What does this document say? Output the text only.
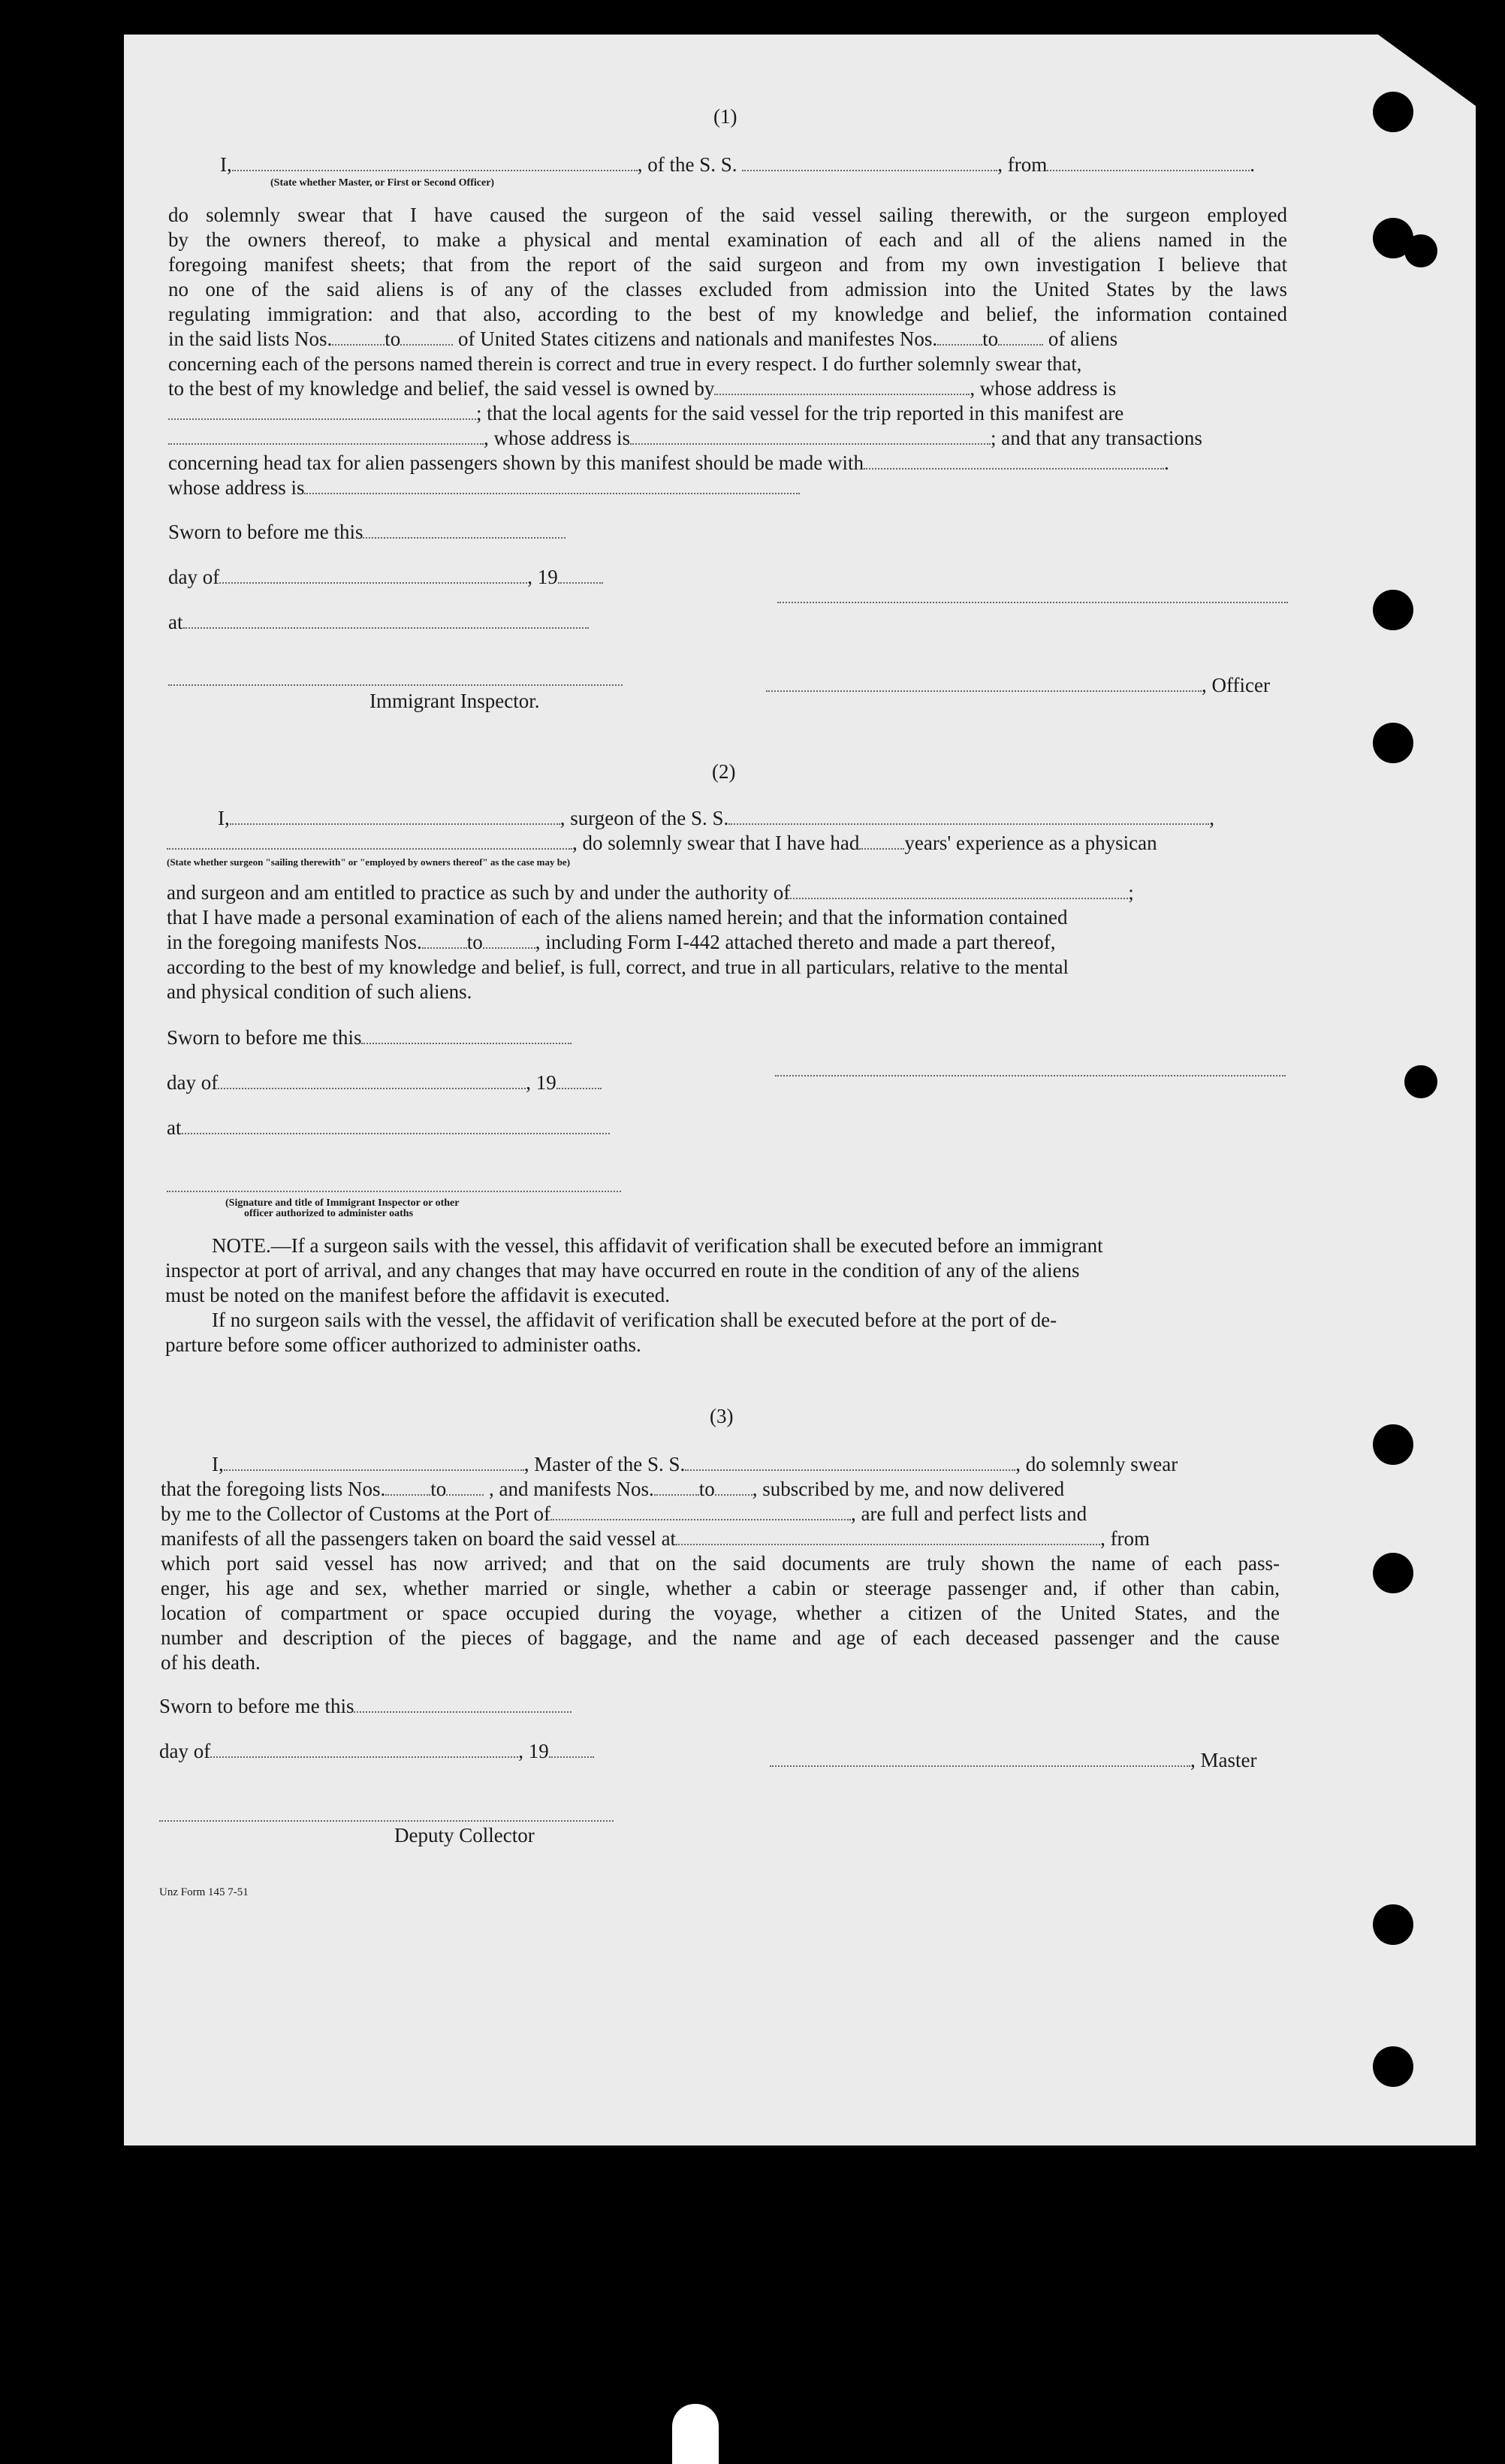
(1)
I,	, of the S. S.	, from	.
(State whether Master, or First or Second Officer)
do solemnly swear that I have caused the surgeon of the said vessel sailing therewith, or the surgeon employed
by the owners thereof, to make a physical and mental examination of each and all of the aliens named in the
foregoing manifest sheets; that from the report of the said surgeon and from my own investigation I believe that
no one of the said aliens is of any of the classes excluded from admission into the United States by the laws
regulating immigration: and that also, according to the best of my knowledge and belief, the information contained
in the said lists Nos.	to	of United States citizens and nationals and manifestes Nos. to of aliens
concerning each of the persons named therein is correct and true in every respect. I do further solemnly swear that,
to the best of my knowledge and belief, the said vessel is owned by	, whose address is
; that the local agents for the said vessel for the trip reported in this manifest are
, whose address is	; and that any transactions
concerning head tax for alien passengers shown by this manifest should be made with	.
whose address is
Sworn to before me this
day of	, 19
at
, Officer
Immigrant Inspector.
(2)
I,	, surgeon of the S. S.	,
, do solemnly swear that I have had years' experience as a physican
(State whether surgeon "sailing therewith" or "employed by owners thereof" as the case may be)
and surgeon and am entitled to practice as such by and under the authority of	;
that I have made a personal examination of each of the aliens named herein; and that the information contained
in the foregoing manifests Nos. to	, including Form I-442 attached thereto and made a part thereof,
according to the best of my knowledge and belief, is full, correct, and true in all particulars, relative to the mental
and physical condition of such aliens.
Sworn to before me this
day of	, 19
at
(Signature and title of Immigrant Inspector or other
officer authorized to administer oaths
NOTE.—If a surgeon sails with the vessel, this affidavit of verification shall be executed before an immigrant
inspector at port of arrival, and any changes that may have occurred en route in the condition of any of the aliens
must be noted on the manifest before the affidavit is executed.
If no surgeon sails with the vessel, the affidavit of verification shall be executed before at the port of de-
parture before some officer authorized to administer oaths.
(3)
I,	, Master of the S. S.	, do solemnly swear
that the foregoing lists Nos. to , and manifests Nos. to , subscribed by me, and now delivered
by me to the Collector of Customs at the Port of	, are full and perfect lists and
manifests of all the passengers taken on board the said vessel at	, from
which port said vessel has now arrived; and that on the said documents are truly shown the name of each pass-
enger, his age and sex, whether married or single, whether a cabin or steerage passenger and, if other than cabin,
location of compartment or space occupied during the voyage, whether a citizen of the United States, and the
number and description of the pieces of baggage, and the name and age of each deceased passenger and the cause
of his death.
Sworn to before me this
day of	, 19	, Master
Deputy Collector
Unz Form 145 7-51
